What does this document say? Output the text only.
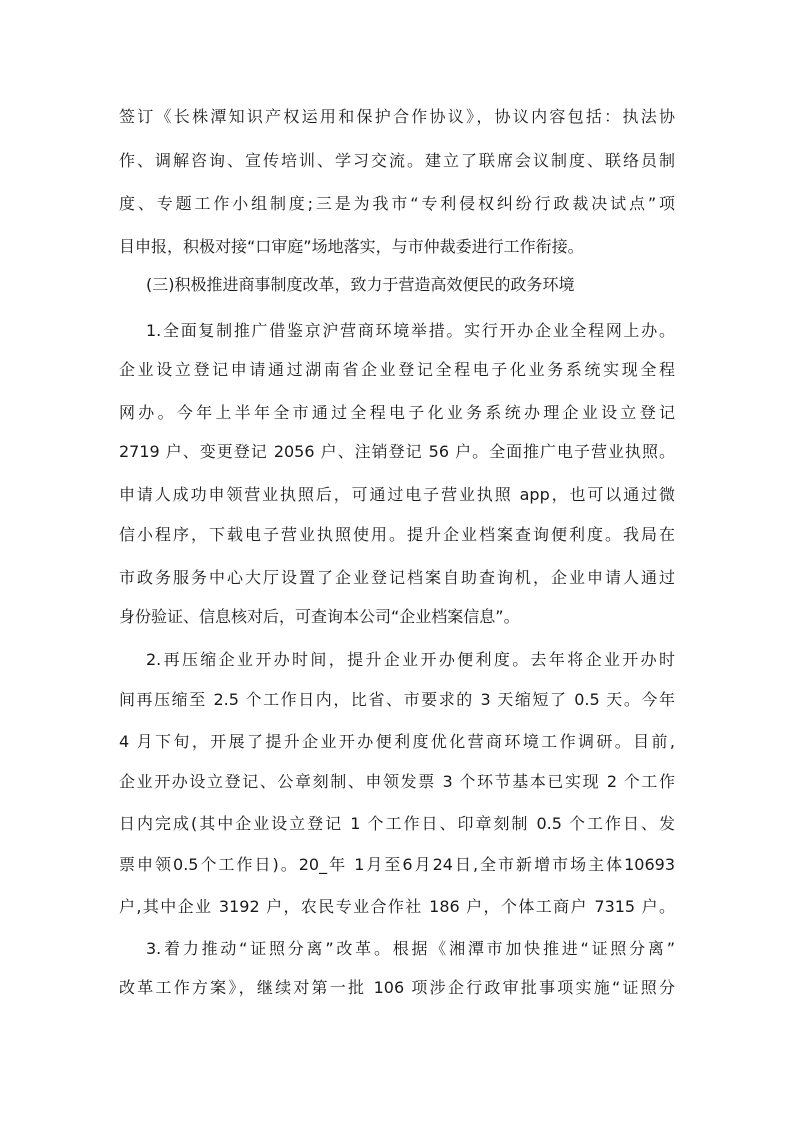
签订《长株潭知识产权运用和保护合作协议》，协议内容包括：执法协
作、调解咨询、宣传培训、学习交流。建立了联席会议制度、联络员制
度、专题工作小组制度;三是为我市“专利侵权纠纷行政裁决试点”项
目申报，积极对接“口审庭”场地落实，与市仲裁委进行工作衔接。
(三)积极推进商事制度改革，致力于营造高效便民的政务环境
1.全面复制推广借鉴京沪营商环境举措。实行开办企业全程网上办。
企业设立登记申请通过湖南省企业登记全程电子化业务系统实现全程
网办。今年上半年全市通过全程电子化业务系统办理企业设立登记
2719 户、变更登记 2056 户、注销登记 56 户。全面推广电子营业执照。
申请人成功申领营业执照后，可通过电子营业执照 app，也可以通过微
信小程序，下载电子营业执照使用。提升企业档案查询便利度。我局在
市政务服务中心大厅设置了企业登记档案自助查询机，企业申请人通过
身份验证、信息核对后，可查询本公司“企业档案信息”。
2.再压缩企业开办时间，提升企业开办便利度。去年将企业开办时
间再压缩至 2.5 个工作日内，比省、市要求的 3 天缩短了 0.5 天。今年
4 月下旬，开展了提升企业开办便利度优化营商环境工作调研。目前,
企业开办设立登记、公章刻制、申领发票 3 个环节基本已实现 2 个工作
日内完成(其中企业设立登记 1 个工作日、印章刻制 0.5 个工作日、发
票申领0.5个工作日)。20_年 1月至6月24日,全市新增市场主体10693
户,其中企业 3192 户，农民专业合作社 186 户，个体工商户 7315 户。
3.着力推动“证照分离”改革。根据《湘潭市加快推进“证照分离”
改革工作方案》，继续对第一批 106 项涉企行政审批事项实施“证照分
